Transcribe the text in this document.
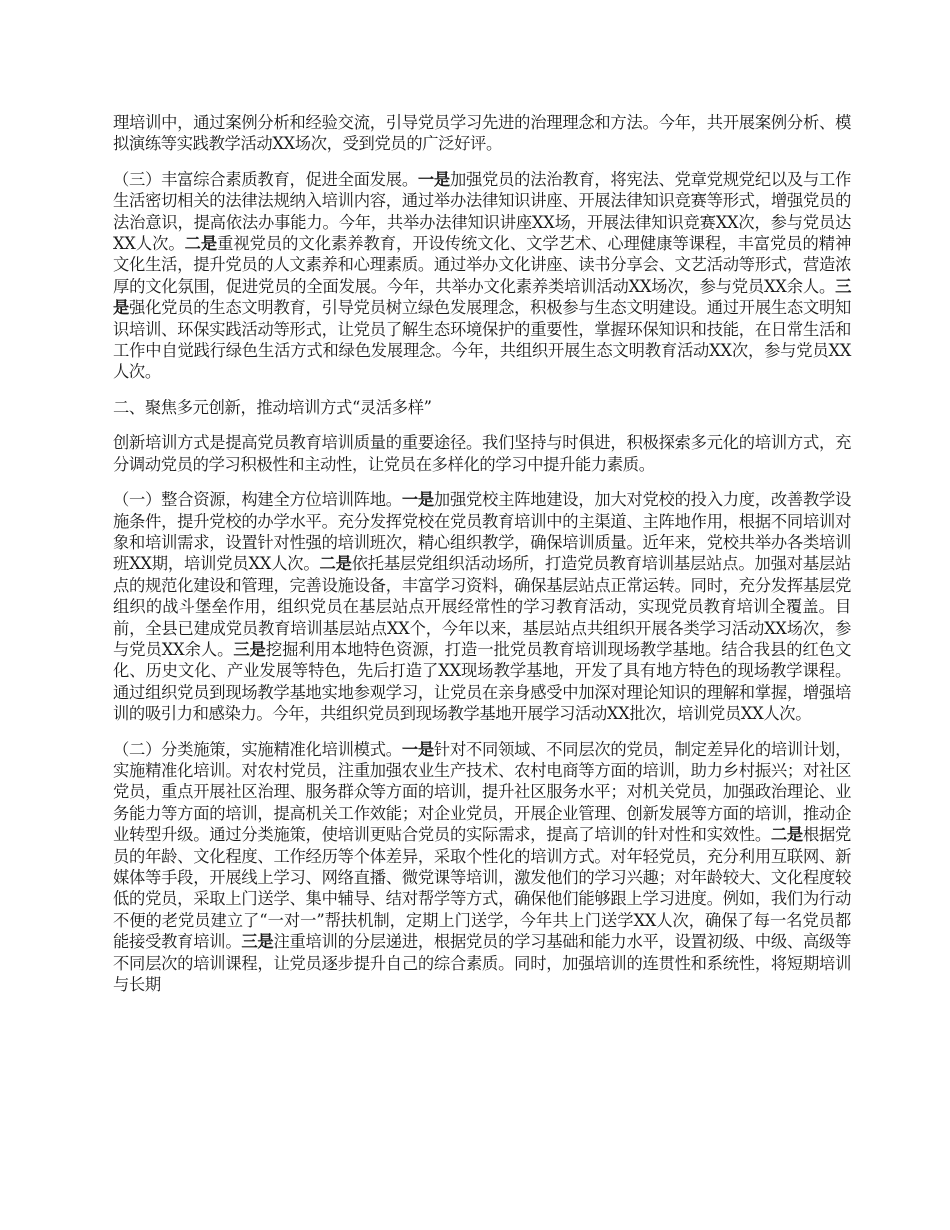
理培训中，通过案例分析和经验交流，引导党员学习先进的治理理念和方法。今年，共开展案例分析、模拟演练等实践教学活动XX场次，受到党员的广泛好评。

（三）丰富综合素质教育，促进全面发展。一是加强党员的法治教育，将宪法、党章党规党纪以及与工作生活密切相关的法律法规纳入培训内容，通过举办法律知识讲座、开展法律知识竞赛等形式，增强党员的法治意识，提高依法办事能力。今年，共举办法律知识讲座XX场，开展法律知识竞赛XX次，参与党员达XX人次。二是重视党员的文化素养教育，开设传统文化、文学艺术、心理健康等课程，丰富党员的精神文化生活，提升党员的人文素养和心理素质。通过举办文化讲座、读书分享会、文艺活动等形式，营造浓厚的文化氛围，促进党员的全面发展。今年，共举办文化素养类培训活动XX场次，参与党员XX余人。三是强化党员的生态文明教育，引导党员树立绿色发展理念，积极参与生态文明建设。通过开展生态文明知识培训、环保实践活动等形式，让党员了解生态环境保护的重要性，掌握环保知识和技能，在日常生活和工作中自觉践行绿色生活方式和绿色发展理念。今年，共组织开展生态文明教育活动XX次，参与党员XX人次。

二、聚焦多元创新，推动培训方式“灵活多样”

创新培训方式是提高党员教育培训质量的重要途径。我们坚持与时俱进，积极探索多元化的培训方式，充分调动党员的学习积极性和主动性，让党员在多样化的学习中提升能力素质。

（一）整合资源，构建全方位培训阵地。一是加强党校主阵地建设，加大对党校的投入力度，改善教学设施条件，提升党校的办学水平。充分发挥党校在党员教育培训中的主渠道、主阵地作用，根据不同培训对象和培训需求，设置针对性强的培训班次，精心组织教学，确保培训质量。近年来，党校共举办各类培训班XX期，培训党员XX人次。二是依托基层党组织活动场所，打造党员教育培训基层站点。加强对基层站点的规范化建设和管理，完善设施设备，丰富学习资料，确保基层站点正常运转。同时，充分发挥基层党组织的战斗堡垒作用，组织党员在基层站点开展经常性的学习教育活动，实现党员教育培训全覆盖。目前，全县已建成党员教育培训基层站点XX个，今年以来，基层站点共组织开展各类学习活动XX场次，参与党员XX余人。三是挖掘利用本地特色资源，打造一批党员教育培训现场教学基地。结合我县的红色文化、历史文化、产业发展等特色，先后打造了XX现场教学基地，开发了具有地方特色的现场教学课程。通过组织党员到现场教学基地实地参观学习，让党员在亲身感受中加深对理论知识的理解和掌握，增强培训的吸引力和感染力。今年，共组织党员到现场教学基地开展学习活动XX批次，培训党员XX人次。

（二）分类施策，实施精准化培训模式。一是针对不同领域、不同层次的党员，制定差异化的培训计划，实施精准化培训。对农村党员，注重加强农业生产技术、农村电商等方面的培训，助力乡村振兴；对社区党员，重点开展社区治理、服务群众等方面的培训，提升社区服务水平；对机关党员，加强政治理论、业务能力等方面的培训，提高机关工作效能；对企业党员，开展企业管理、创新发展等方面的培训，推动企业转型升级。通过分类施策，使培训更贴合党员的实际需求，提高了培训的针对性和实效性。二是根据党员的年龄、文化程度、工作经历等个体差异，采取个性化的培训方式。对年轻党员，充分利用互联网、新媒体等手段，开展线上学习、网络直播、微党课等培训，激发他们的学习兴趣；对年龄较大、文化程度较低的党员，采取上门送学、集中辅导、结对帮学等方式，确保他们能够跟上学习进度。例如，我们为行动不便的老党员建立了“一对一”帮扶机制，定期上门送学，今年共上门送学XX人次，确保了每一名党员都能接受教育培训。三是注重培训的分层递进，根据党员的学习基础和能力水平，设置初级、中级、高级等不同层次的培训课程，让党员逐步提升自己的综合素质。同时，加强培训的连贯性和系统性，将短期培训与长期
